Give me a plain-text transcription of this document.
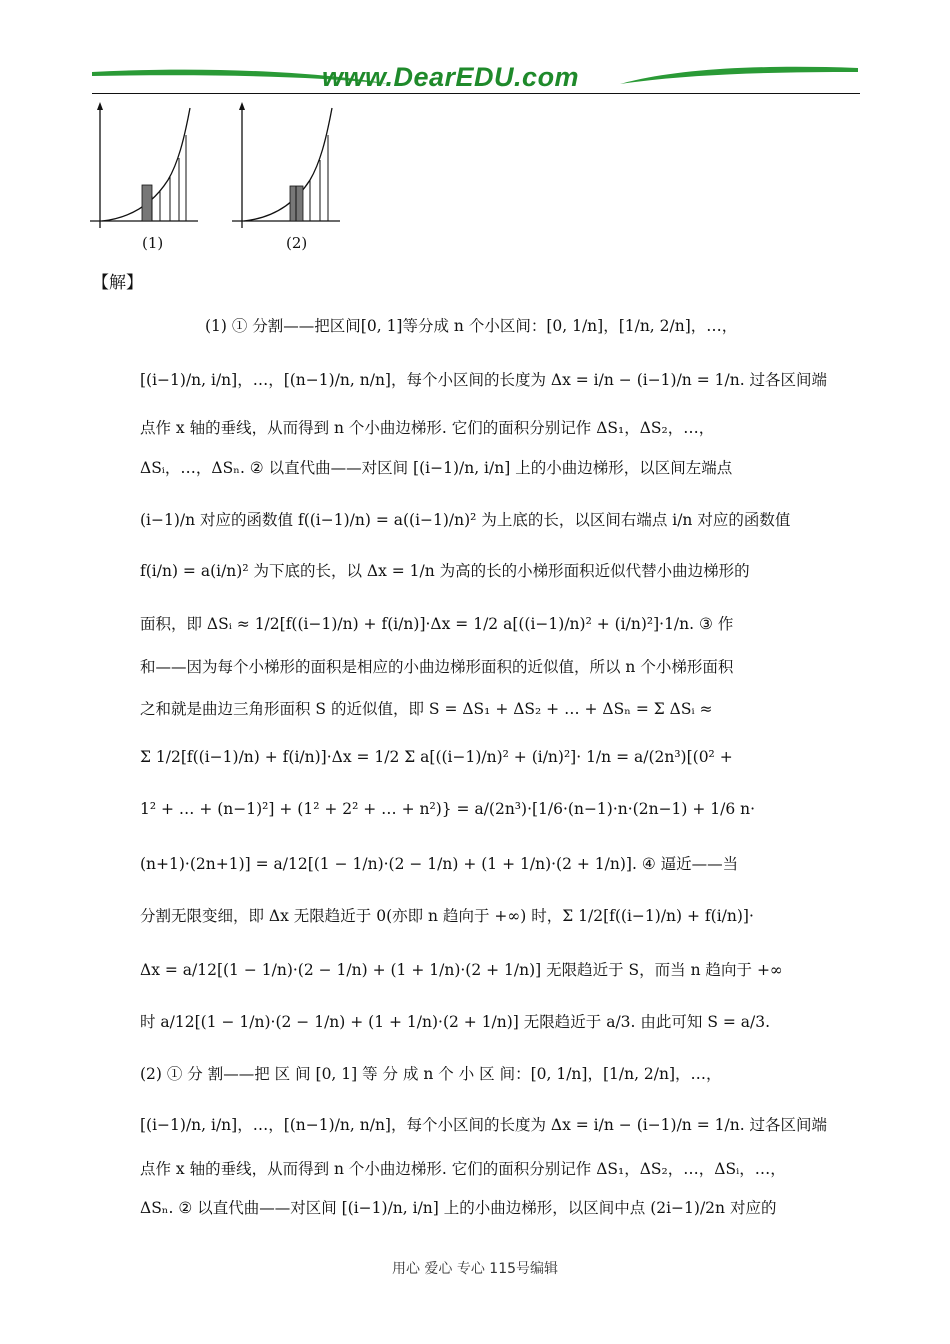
www.DearEDU.com
(1)	(2)
【解】
(1) ① 分割——把区间[0, 1]等分成 n 个小区间：[0, 1/n]，[1/n, 2/n]，…，
[(i−1)/n, i/n]，…，[(n−1)/n, n/n]，每个小区间的长度为 Δx = i/n − (i−1)/n = 1/n. 过各区间端
点作 x 轴的垂线，从而得到 n 个小曲边梯形. 它们的面积分别记作 ΔS₁，ΔS₂，…，
ΔSᵢ，…，ΔSₙ. ② 以直代曲——对区间 [(i−1)/n, i/n] 上的小曲边梯形，以区间左端点
(i−1)/n 对应的函数值 f((i−1)/n) = a((i−1)/n)² 为上底的长，以区间右端点 i/n 对应的函数值
f(i/n) = a(i/n)² 为下底的长，以 Δx = 1/n 为高的长的小梯形面积近似代替小曲边梯形的
面积，即 ΔSᵢ ≈ 1/2[f((i−1)/n) + f(i/n)]·Δx = 1/2 a[((i−1)/n)² + (i/n)²]·1/n. ③ 作
和——因为每个小梯形的面积是相应的小曲边梯形面积的近似值，所以 n 个小梯形面积
之和就是曲边三角形面积 S 的近似值，即 S = ΔS₁ + ΔS₂ + … + ΔSₙ = Σ ΔSᵢ ≈
Σ 1/2[f((i−1)/n) + f(i/n)]·Δx = 1/2 Σ a[((i−1)/n)² + (i/n)²]· 1/n = a/(2n³)[(0² +
1² + … + (n−1)²] + (1² + 2² + … + n²)} = a/(2n³)·[1/6·(n−1)·n·(2n−1) + 1/6 n·
(n+1)·(2n+1)] = a/12[(1 − 1/n)·(2 − 1/n) + (1 + 1/n)·(2 + 1/n)]. ④ 逼近——当
分割无限变细，即 Δx 无限趋近于 0(亦即 n 趋向于 +∞) 时，Σ 1/2[f((i−1)/n) + f(i/n)]·
Δx = a/12[(1 − 1/n)·(2 − 1/n) + (1 + 1/n)·(2 + 1/n)] 无限趋近于 S，而当 n 趋向于 +∞
时 a/12[(1 − 1/n)·(2 − 1/n) + (1 + 1/n)·(2 + 1/n)] 无限趋近于 a/3. 由此可知 S = a/3.
(2) ① 分 割——把 区 间 [0, 1] 等 分 成 n 个 小 区 间：[0, 1/n]，[1/n, 2/n]，…，
[(i−1)/n, i/n]，…，[(n−1)/n, n/n]，每个小区间的长度为 Δx = i/n − (i−1)/n = 1/n. 过各区间端
点作 x 轴的垂线，从而得到 n 个小曲边梯形. 它们的面积分别记作 ΔS₁，ΔS₂，…，ΔSᵢ，…，
ΔSₙ. ② 以直代曲——对区间 [(i−1)/n, i/n] 上的小曲边梯形，以区间中点 (2i−1)/2n 对应的
用心 爱心 专心 115号编辑
